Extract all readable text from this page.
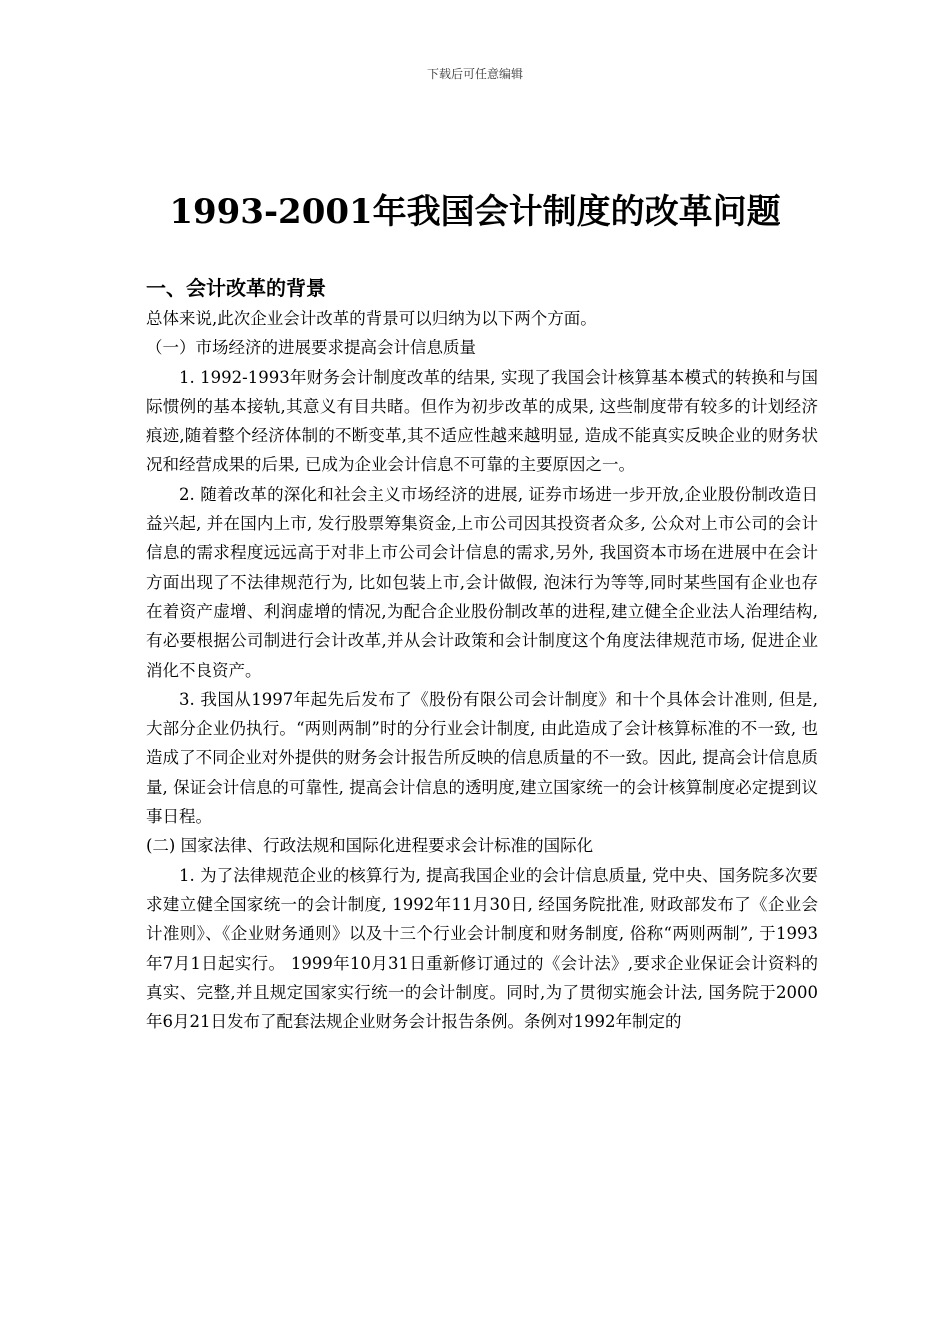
下载后可任意编辑
1993-2001年我国会计制度的改革问题
一、会计改革的背景

总体来说,此次企业会计改革的背景可以归纳为以下两个方面。

（一）市场经济的进展要求提高会计信息质量

1. 1992-1993年财务会计制度改革的结果, 实现了我国会计核算基本模式的转换和与国际惯例的基本接轨,其意义有目共睹。但作为初步改革的成果, 这些制度带有较多的计划经济痕迹,随着整个经济体制的不断变革,其不适应性越来越明显, 造成不能真实反映企业的财务状况和经营成果的后果, 已成为企业会计信息不可靠的主要原因之一。

2. 随着改革的深化和社会主义市场经济的进展, 证券市场进一步开放,企业股份制改造日益兴起, 并在国内上市, 发行股票筹集资金,上市公司因其投资者众多, 公众对上市公司的会计信息的需求程度远远高于对非上市公司会计信息的需求,另外, 我国资本市场在进展中在会计方面出现了不法律规范行为, 比如包装上市,会计做假, 泡沫行为等等,同时某些国有企业也存在着资产虚增、利润虚增的情况,为配合企业股份制改革的进程,建立健全企业法人治理结构,有必要根据公司制进行会计改革,并从会计政策和会计制度这个角度法律规范市场, 促进企业消化不良资产。

3. 我国从1997年起先后发布了《股份有限公司会计制度》和十个具体会计准则, 但是, 大部分企业仍执行。“两则两制”时的分行业会计制度, 由此造成了会计核算标准的不一致, 也造成了不同企业对外提供的财务会计报告所反映的信息质量的不一致。因此, 提高会计信息质量, 保证会计信息的可靠性, 提高会计信息的透明度,建立国家统一的会计核算制度必定提到议事日程。

(二) 国家法律、行政法规和国际化进程要求会计标准的国际化

1. 为了法律规范企业的核算行为, 提高我国企业的会计信息质量, 党中央、国务院多次要求建立健全国家统一的会计制度, 1992年11月30日, 经国务院批准, 财政部发布了《企业会计准则》、《企业财务通则》以及十三个行业会计制度和财务制度, 俗称“两则两制”, 于1993年7月1日起实行。 1999年10月31日重新修订通过的《会计法》,要求企业保证会计资料的真实、完整,并且规定国家实行统一的会计制度。同时,为了贯彻实施会计法, 国务院于2000年6月21日发布了配套法规企业财务会计报告条例。条例对1992年制定的
